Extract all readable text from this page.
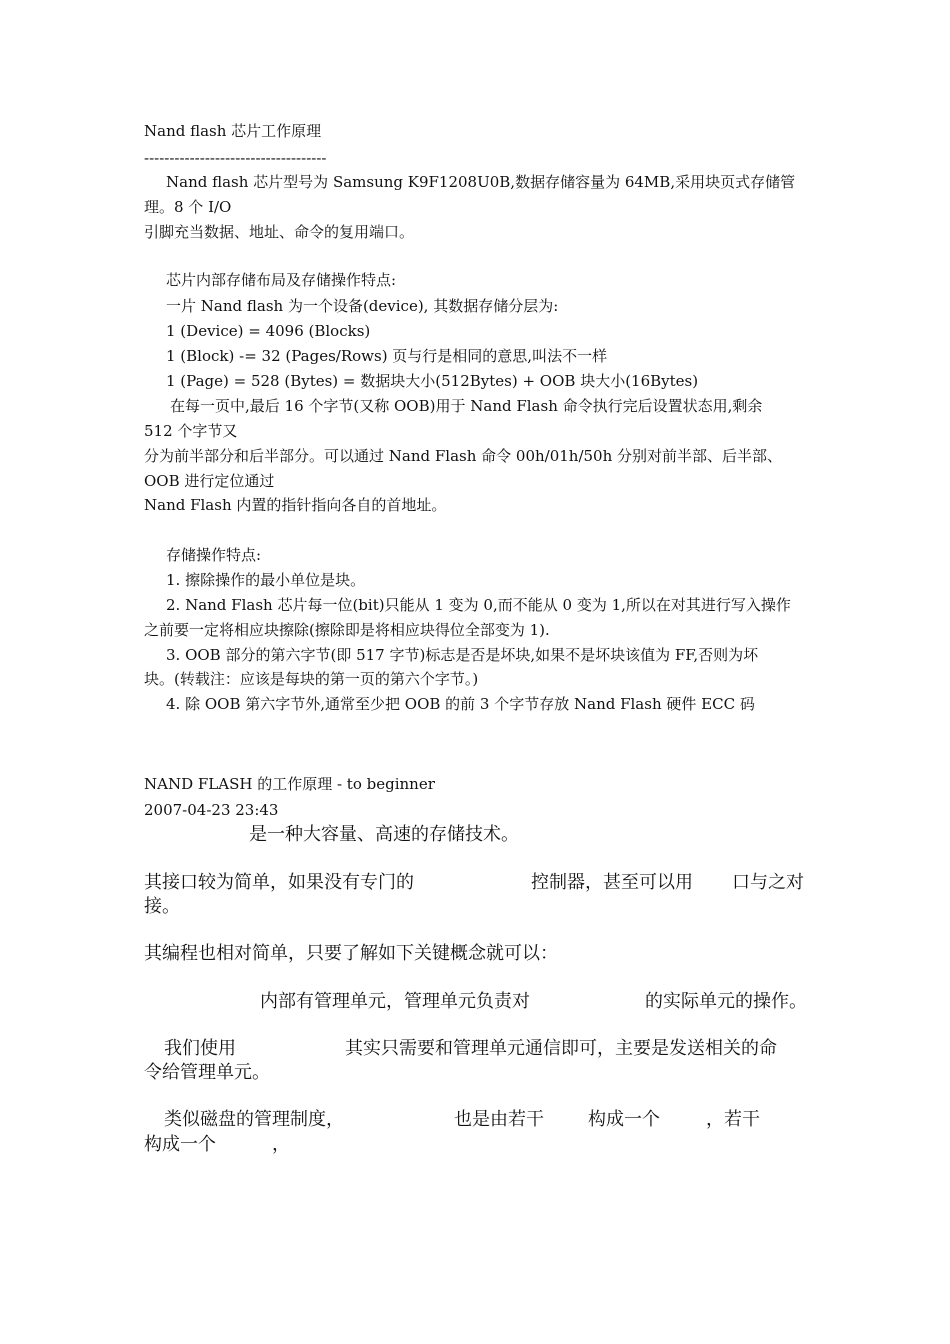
Nand flash 芯片工作原理
------------------------------------
Nand flash 芯片型号为 Samsung K9F1208U0B,数据存储容量为 64MB,采用块页式存储管
理。8 个 I/O
引脚充当数据、地址、命令的复用端口。
芯片内部存储布局及存储操作特点:
一片 Nand flash 为一个设备(device), 其数据存储分层为:
1 (Device) = 4096 (Blocks)
1 (Block) -= 32 (Pages/Rows) 页与行是相同的意思,叫法不一样
1 (Page) = 528 (Bytes) = 数据块大小(512Bytes) + OOB 块大小(16Bytes)
在每一页中,最后 16 个字节(又称 OOB)用于 Nand Flash 命令执行完后设置状态用,剩余
512 个字节又
分为前半部分和后半部分。可以通过 Nand Flash 命令 00h/01h/50h 分别对前半部、后半部、
OOB 进行定位通过
Nand Flash 内置的指针指向各自的首地址。
存储操作特点:
1. 擦除操作的最小单位是块。
2. Nand Flash 芯片每一位(bit)只能从 1 变为 0,而不能从 0 变为 1,所以在对其进行写入操作
之前要一定将相应块擦除(擦除即是将相应块得位全部变为 1).
3. OOB 部分的第六字节(即 517 字节)标志是否是坏块,如果不是坏块该值为 FF,否则为坏
块。(转载注：应该是每块的第一页的第六个字节。)
4. 除 OOB 第六字节外,通常至少把 OOB 的前 3 个字节存放 Nand Flash 硬件 ECC 码
NAND FLASH 的工作原理 - to beginner
2007-04-23 23:43
是一种大容量、高速的存储技术。
其接口较为简单，如果没有专门的	控制器，甚至可以用 口与之对
接。
其编程也相对简单，只要了解如下关键概念就可以：
内部有管理单元，管理单元负责对	的实际单元的操作。
我们使用	其实只需要和管理单元通信即可，主要是发送相关的命
令给管理单元。
类似磁盘的管理制度，	也是由若干 构成一个	，若干
构成一个	，
